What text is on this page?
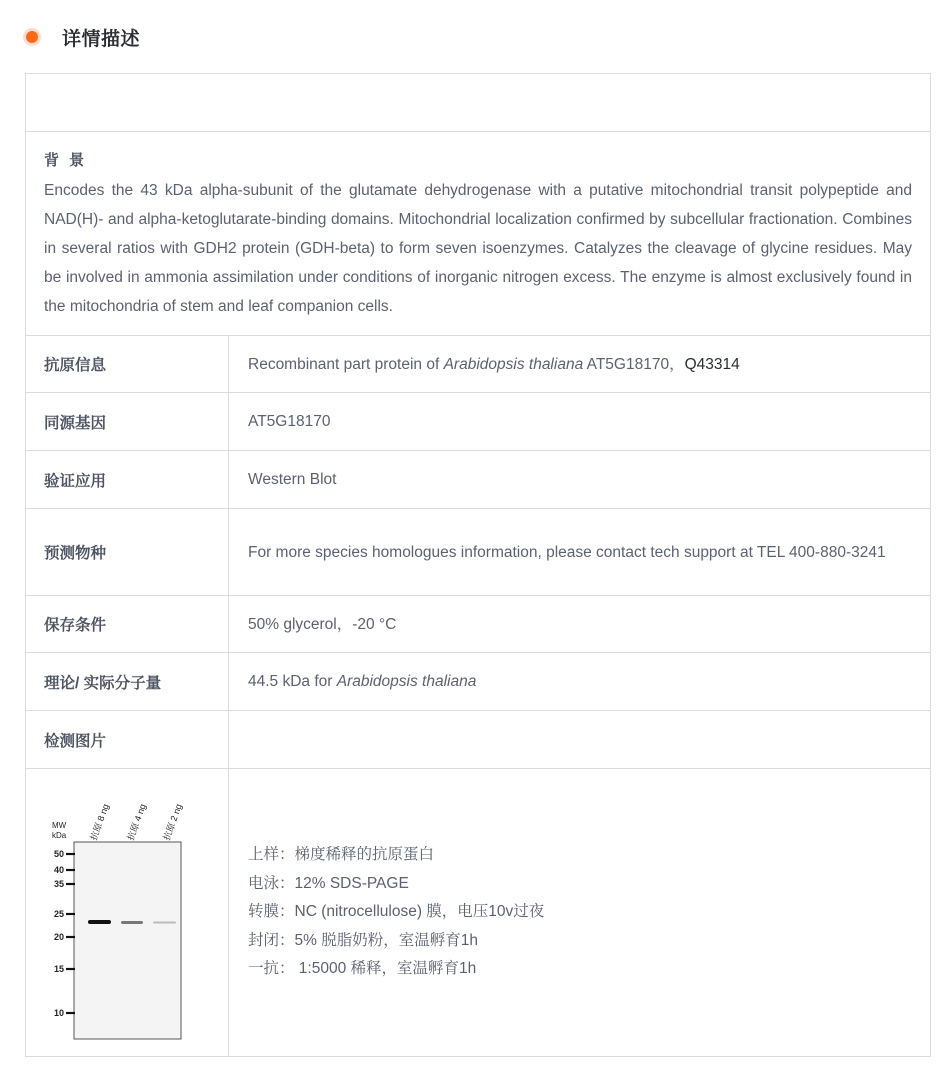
详情描述
背 景

Encodes the 43 kDa alpha-subunit of the glutamate dehydrogenase with a putative mitochondrial transit polypeptide and NAD(H)- and alpha-ketoglutarate-binding domains. Mitochondrial localization confirmed by subcellular fractionation. Combines in several ratios with GDH2 protein (GDH-beta) to form seven isoenzymes. Catalyzes the cleavage of glycine residues. May be involved in ammonia assimilation under conditions of inorganic nitrogen excess. The enzyme is almost exclusively found in the mitochondria of stem and leaf companion cells.

抗原信息	Recombinant part protein of Arabidopsis thaliana AT5G18170，Q43314
同源基因	AT5G18170
验证应用	Western Blot
预测物种	For more species homologues information, please contact tech support at TEL 400-880-3241
保存条件	50% glycerol，-20 °C
理论/ 实际分子量	44.5 kDa for Arabidopsis thaliana
检测图片
MW
kDa 抗原 8 ng 抗原 4 ng 抗原 2 ng
50
40
35
25
20
15
10
上样：梯度稀释的抗原蛋白
电泳：12% SDS-PAGE
转膜：NC (nitrocellulose) 膜，电压10v过夜
封闭：5% 脱脂奶粉，室温孵育1h
一抗： 1:5000 稀释，室温孵育1h
